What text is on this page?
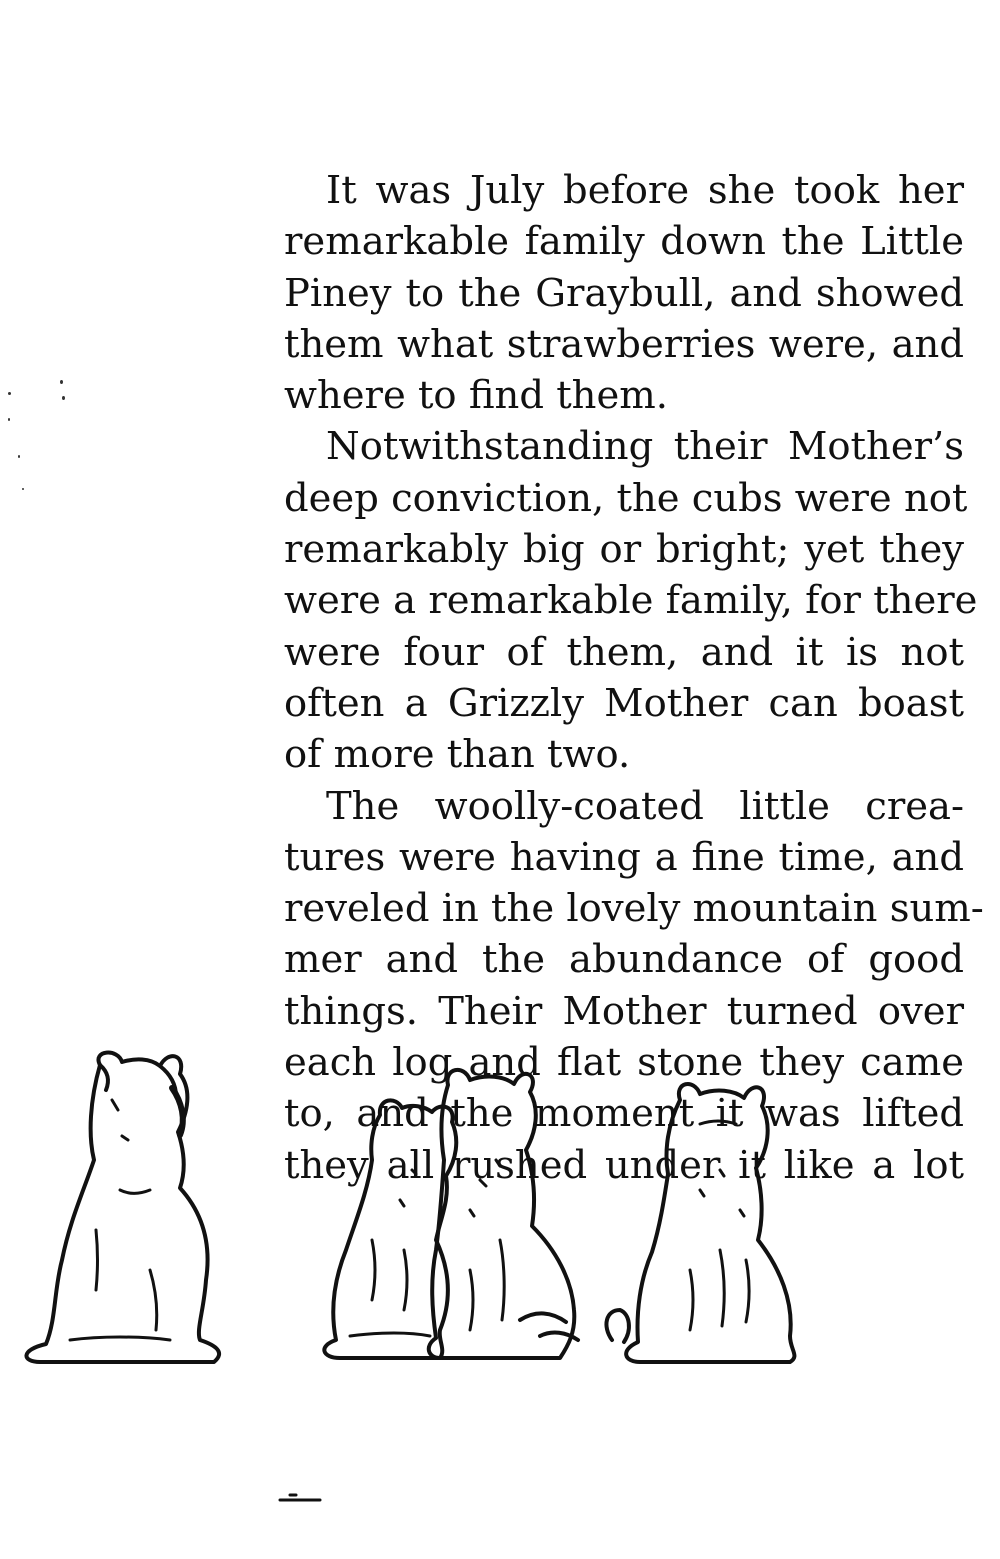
It was July before she took her
remarkable family down the Little
Piney to the Graybull, and showed
them what strawberries were, and
where to find them.

Notwithstanding their Mother’s
deep conviction, the cubs were not
remarkably big or bright; yet they
were a remarkable family, for there
were four of them, and it is not
often a Grizzly Mother can boast
of more than two.

The woolly-coated little crea-
tures were having a fine time, and
reveled in the lovely mountain sum-
mer and the abundance of good
things. Their Mother turned over
each log and flat stone they came
to, and the moment it was lifted
they all rushed under it like a lot
